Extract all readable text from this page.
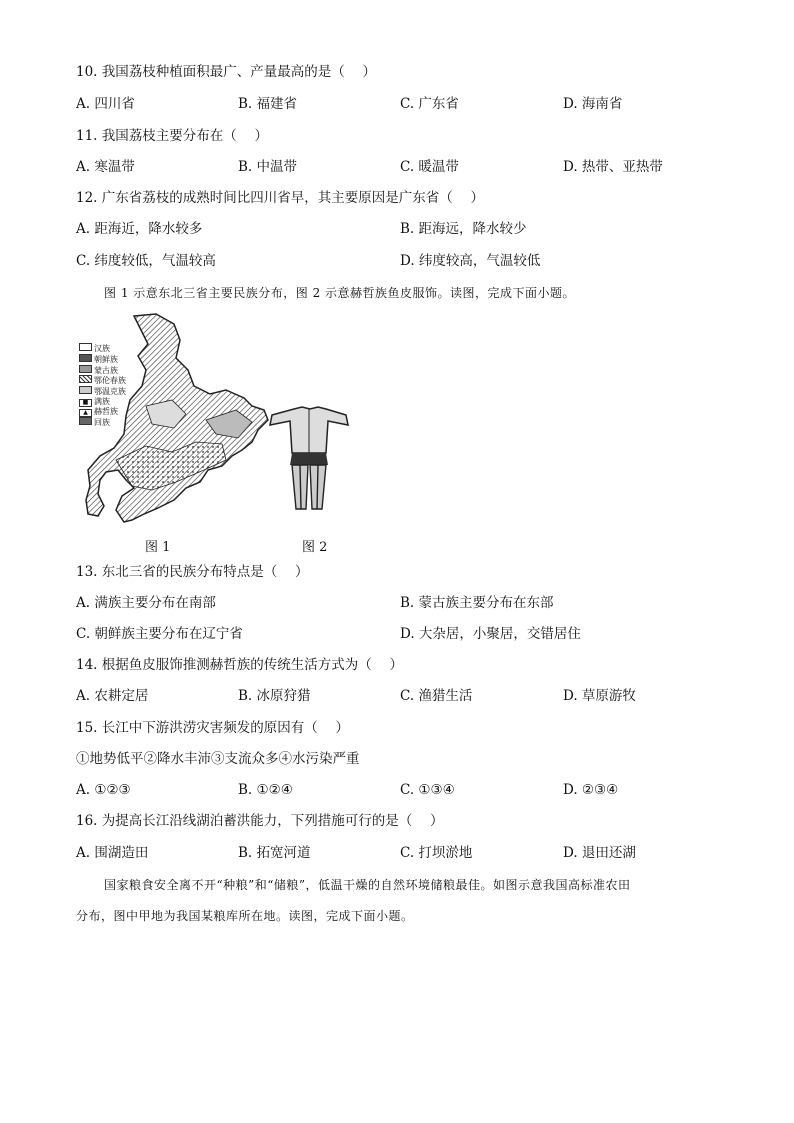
10. 我国荔枝种植面积最广、产量最高的是（　 ）
A. 四川省	B. 福建省	C. 广东省	D. 海南省
11. 我国荔枝主要分布在（　 ）
A. 寒温带	B. 中温带	C. 暖温带	D. 热带、亚热带
12. 广东省荔枝的成熟时间比四川省早，其主要原因是广东省（　 ）
A. 距海近，降水较多	B. 距海远，降水较少
C. 纬度较低，气温较高	D. 纬度较高，气温较低
图 1 示意东北三省主要民族分布，图 2 示意赫哲族鱼皮服饰。读图，完成下面小题。
汉族
朝鲜族
蒙古族
鄂伦春族
鄂温克族
■ 满族
▲ 赫哲族
回族
图 1	图 2
13. 东北三省的民族分布特点是（　 ）
A. 满族主要分布在南部	B. 蒙古族主要分布在东部
C. 朝鲜族主要分布在辽宁省	D. 大杂居，小聚居，交错居住
14. 根据鱼皮服饰推测赫哲族的传统生活方式为（　 ）
A. 农耕定居	B. 冰原狩猎	C. 渔猎生活	D. 草原游牧
15. 长江中下游洪涝灾害频发的原因有（　 ）
①地势低平②降水丰沛③支流众多④水污染严重
A. ①②③	B. ①②④	C. ①③④	D. ②③④
16. 为提高长江沿线湖泊蓄洪能力，下列措施可行的是（　 ）
A. 围湖造田	B. 拓宽河道	C. 打坝淤地	D. 退田还湖
国家粮食安全离不开“种粮”和“储粮”，低温干燥的自然环境储粮最佳。如图示意我国高标准农田
分布，图中甲地为我国某粮库所在地。读图，完成下面小题。
